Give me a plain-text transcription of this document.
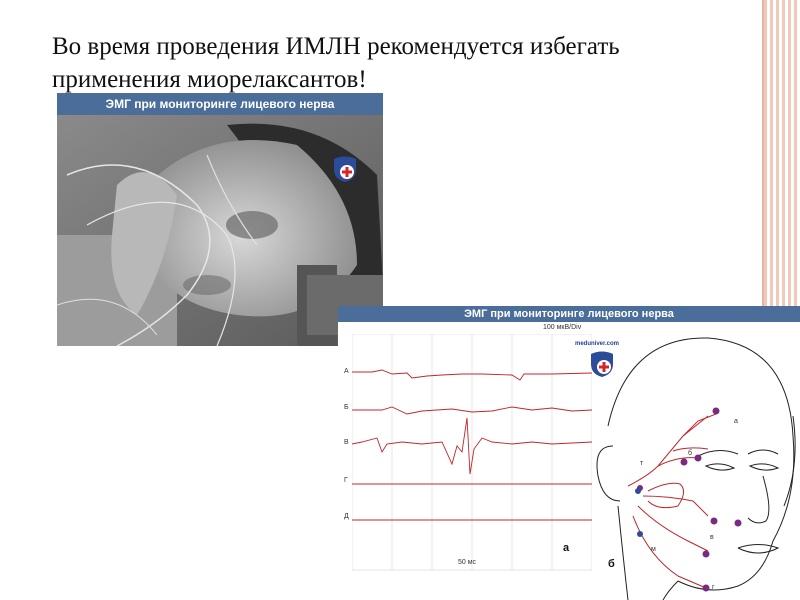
Во время проведения ИМЛН рекомендуется избегать применения миорелаксантов!
ЭМГ при мониторинге лицевого нерва
ЭМГ при мониторинге лицевого нерва
100 мкВ/Div
А
Б
В
Г
Д
50 мс
а
meduniver.com
т
м
а
б
в
г
б
